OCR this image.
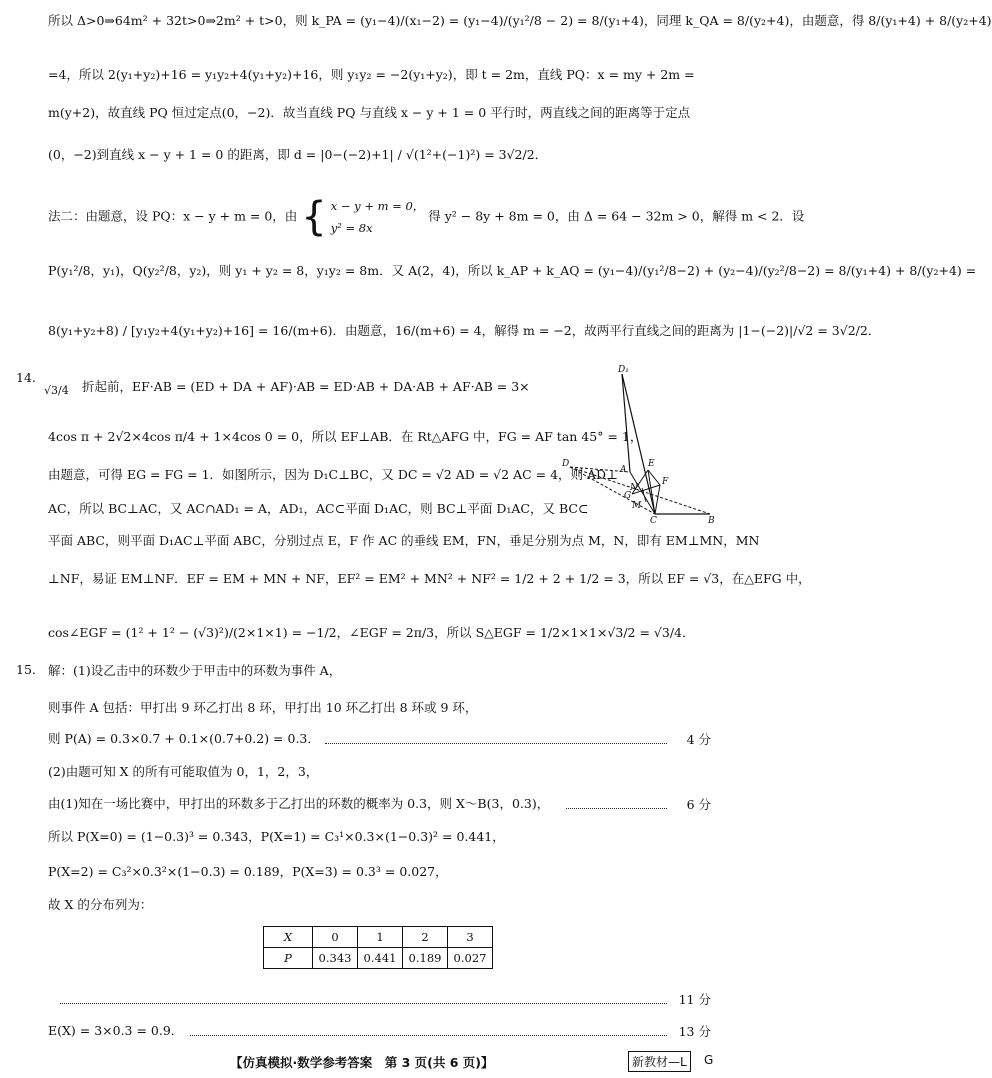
所以 Δ>0⇒64m² + 32t>0⇒2m² + t>0，则 k_PA = (y₁−4)/(x₁−2) = (y₁−4)/(y₁²/8 − 2) = 8/(y₁+4)，同理 k_QA = 8/(y₂+4)，由题意，得 8/(y₁+4) + 8/(y₂+4)
=4，所以 2(y₁+y₂)+16 = y₁y₂+4(y₁+y₂)+16，则 y₁y₂ = −2(y₁+y₂)，即 t = 2m，直线 PQ：x = my + 2m =
m(y+2)，故直线 PQ 恒过定点(0，−2)．故当直线 PQ 与直线 x − y + 1 = 0 平行时，两直线之间的距离等于定点
(0，−2)到直线 x − y + 1 = 0 的距离，即 d = |0−(−2)+1| / √(1²+(−1)²) = 3√2/2．
法二：由题意，设 PQ：x − y + m = 0，由 { x − y + m = 0，
y² = 8x
得 y² − 8y + 8m = 0，由 Δ = 64 − 32m > 0，解得 m < 2．设
P(y₁²/8，y₁)，Q(y₂²/8，y₂)，则 y₁ + y₂ = 8，y₁y₂ = 8m．又 A(2，4)，所以 k_AP + k_AQ = (y₁−4)/(y₁²/8−2) + (y₂−4)/(y₂²/8−2) = 8/(y₁+4) + 8/(y₂+4) =
8(y₁+y₂+8) / [y₁y₂+4(y₁+y₂)+16] = 16/(m+6)．由题意，16/(m+6) = 4，解得 m = −2，故两平行直线之间的距离为 |1−(−2)|/√2 = 3√2/2．
14.
√3/4 折起前，EF·AB = (ED + DA + AF)·AB = ED·AB + DA·AB + AF·AB = 3×
4cos π + 2√2×4cos π/4 + 1×4cos 0 = 0，所以 EF⊥AB．在 Rt△AFG 中，FG = AF tan 45° = 1，
由题意，可得 EG = FG = 1．如图所示，因为 D₁C⊥BC，又 DC = √2 AD = √2 AC = 4，则 AD⊥
AC，所以 BC⊥AC，又 AC∩AD₁ = A，AD₁，AC⊂平面 D₁AC，则 BC⊥平面 D₁AC，又 BC⊂
D₁
D
A
E
F
N
G
M
C	B
平面 ABC，则平面 D₁AC⊥平面 ABC，分别过点 E，F 作 AC 的垂线 EM，FN，垂足分别为点 M，N，即有 EM⊥MN，MN
⊥NF，易证 EM⊥NF．EF = EM + MN + NF，EF² = EM² + MN² + NF² = 1/2 + 2 + 1/2 = 3，所以 EF = √3，在△EFG 中，
cos∠EGF = (1² + 1² − (√3)²)/(2×1×1) = −1/2，∠EGF = 2π/3，所以 S△EGF = 1/2×1×1×√3/2 = √3/4．
15. 解：(1)设乙击中的环数少于甲击中的环数为事件 A，
则事件 A 包括：甲打出 9 环乙打出 8 环，甲打出 10 环乙打出 8 环或 9 环，
则 P(A) = 0.3×0.7 + 0.1×(0.7+0.2) = 0.3．	4 分
(2)由题可知 X 的所有可能取值为 0，1，2，3，
由(1)知在一场比赛中，甲打出的环数多于乙打出的环数的概率为 0.3，则 X～B(3，0.3)，	6 分
所以 P(X=0) = (1−0.3)³ = 0.343，P(X=1) = C₃¹×0.3×(1−0.3)² = 0.441，
P(X=2) = C₃²×0.3²×(1−0.3) = 0.189，P(X=3) = 0.3³ = 0.027，
故 X 的分布列为：
X	0	1	2	3
P	0.343	0.441	0.189	0.027
11 分
E(X) = 3×0.3 = 0.9．	13 分
【仿真模拟·数学参考答案　第 3 页(共 6 页)】	新教材—L	G
